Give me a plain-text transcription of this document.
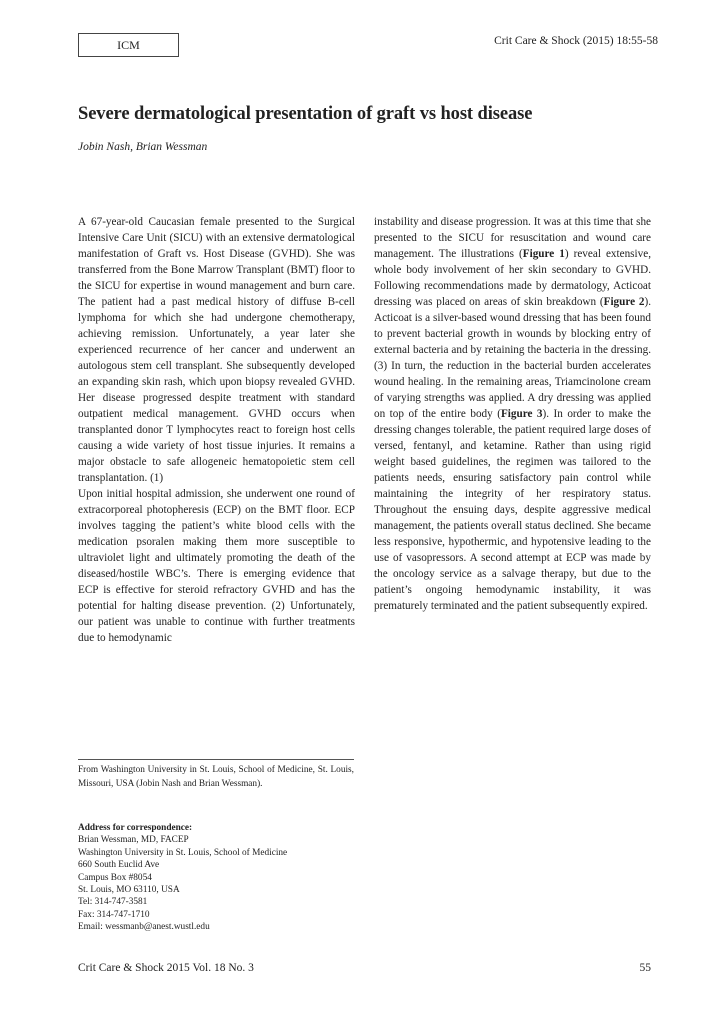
ICM	Crit Care & Shock (2015) 18:55-58
Severe dermatological presentation of graft vs host disease
Jobin Nash, Brian Wessman

A 67-year-old Caucasian female presented to the Surgical Intensive Care Unit (SICU) with an extensive dermatological manifestation of Graft vs. Host Disease (GVHD). She was transferred from the Bone Marrow Transplant (BMT) floor to the SICU for expertise in wound management and burn care. The patient had a past medical history of diffuse B-cell lymphoma for which she had undergone chemotherapy, achieving remission. Unfortunately, a year later she experienced recurrence of her cancer and underwent an autologous stem cell transplant. She subsequently developed an expanding skin rash, which upon biopsy revealed GVHD. Her disease progressed despite treatment with standard outpatient medical management. GVHD occurs when transplanted donor T lymphocytes react to foreign host cells causing a wide variety of host tissue injuries. It remains a major obstacle to safe allogeneic hematopoietic stem cell transplantation. (1)

Upon initial hospital admission, she underwent one round of extracorporeal photopheresis (ECP) on the BMT floor. ECP involves tagging the patient’s white blood cells with the medication psoralen making them more susceptible to ultraviolet light and ultimately promoting the death of the diseased/hostile WBC’s. There is emerging evidence that ECP is effective for steroid refractory GVHD and has the potential for halting disease prevention. (2) Unfortunately, our patient was unable to continue with further treatments due to hemodynamic

instability and disease progression. It was at this time that she presented to the SICU for resuscitation and wound care management. The illustrations (Figure 1) reveal extensive, whole body involvement of her skin secondary to GVHD. Following recommendations made by dermatology, Acticoat dressing was placed on areas of skin breakdown (Figure 2). Acticoat is a silver-based wound dressing that has been found to prevent bacterial growth in wounds by blocking entry of external bacteria and by retaining the bacteria in the dressing. (3) In turn, the reduction in the bacterial burden accelerates wound healing. In the remaining areas, Triamcinolone cream of varying strengths was applied. A dry dressing was applied on top of the entire body (Figure 3). In order to make the dressing changes tolerable, the patient required large doses of versed, fentanyl, and ketamine. Rather than using rigid weight based guidelines, the regimen was tailored to the patients needs, ensuring satisfactory pain control while maintaining the integrity of her respiratory status. Throughout the ensuing days, despite aggressive medical management, the patients overall status declined. She became less responsive, hypothermic, and hypotensive leading to the use of vasopressors. A second attempt at ECP was made by the oncology service as a salvage therapy, but due to the patient’s ongoing hemodynamic instability, it was prematurely terminated and the patient subsequently expired.

From Washington University in St. Louis, School of Medicine, St. Louis, Missouri, USA (Jobin Nash and Brian Wessman).

Address for correspondence:
Brian Wessman, MD, FACEP
Washington University in St. Louis, School of Medicine
660 South Euclid Ave
Campus Box #8054
St. Louis, MO 63110, USA
Tel: 314-747-3581
Fax: 314-747-1710
Email: wessmanb@anest.wustl.edu
Crit Care & Shock 2015 Vol. 18 No. 3	55
